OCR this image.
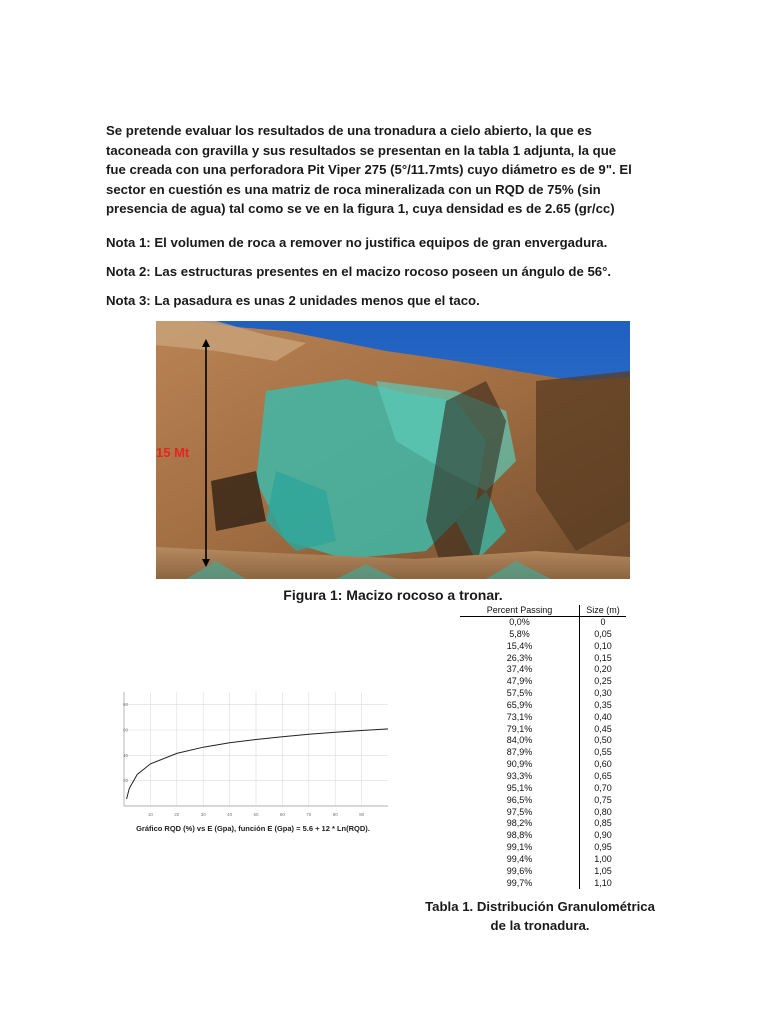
Se pretende evaluar los resultados de una tronadura a cielo abierto, la que es taconeada con gravilla y sus resultados se presentan en la tabla 1 adjunta, la que fue creada con una perforadora Pit Viper 275 (5°/11.7mts) cuyo diámetro es de 9". El sector en cuestión es una matriz de roca mineralizada con un RQD de 75% (sin presencia de agua) tal como se ve en la figura 1, cuya densidad es de 2.65 (gr/cc)
Nota 1: El volumen de roca a remover no justifica equipos de gran envergadura.
Nota 2: Las estructuras presentes en el macizo rocoso poseen un ángulo de 56°.
Nota 3: La pasadura es unas 2 unidades menos que el taco.
15 Mt
Figura 1: Macizo rocoso a tronar.
10	20	30	40	50	60	70	80	90
20
40
60
80
Gráfico RQD (%) vs E (Gpa), función E (Gpa) = 5.6 + 12 * Ln(RQD).
Percent Passing	Size (m)
0,0%	0
5,8%	0,05
15,4%	0,10
26,3%	0,15
37,4%	0,20
47,9%	0,25
57,5%	0,30
65,9%	0,35
73,1%	0,40
79,1%	0,45
84,0%	0,50
87,9%	0,55
90,9%	0,60
93,3%	0,65
95,1%	0,70
96,5%	0,75
97,5%	0,80
98,2%	0,85
98,8%	0,90
99,1%	0,95
99,4%	1,00
99,6%	1,05
99,7%	1,10
Tabla 1. Distribución Granulométrica
de la tronadura.
